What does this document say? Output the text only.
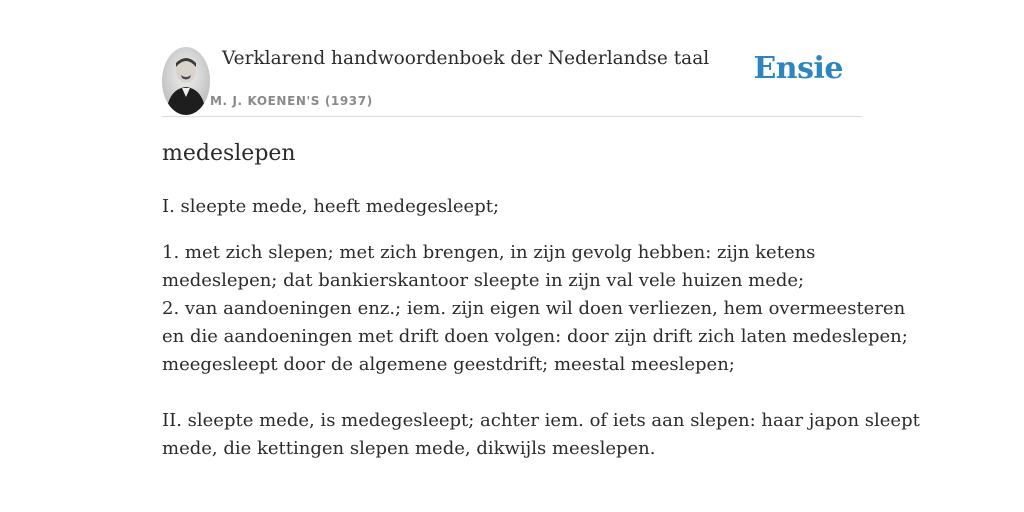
Verklarend handwoordenboek der Nederlandse taal
M. J. KOENEN'S (1937)
Ensie
medeslepen
I. sleepte mede, heeft medegesleept;
1. met zich slepen; met zich brengen, in zijn gevolg hebben: zijn ketens
medeslepen; dat bankierskantoor sleepte in zijn val vele huizen mede;
2. van aandoeningen enz.; iem. zijn eigen wil doen verliezen, hem overmeesteren
en die aandoeningen met drift doen volgen: door zijn drift zich laten medeslepen;
meegesleept door de algemene geestdrift; meestal meeslepen;
II. sleepte mede, is medegesleept; achter iem. of iets aan slepen: haar japon sleept
mede, die kettingen slepen mede, dikwijls meeslepen.
